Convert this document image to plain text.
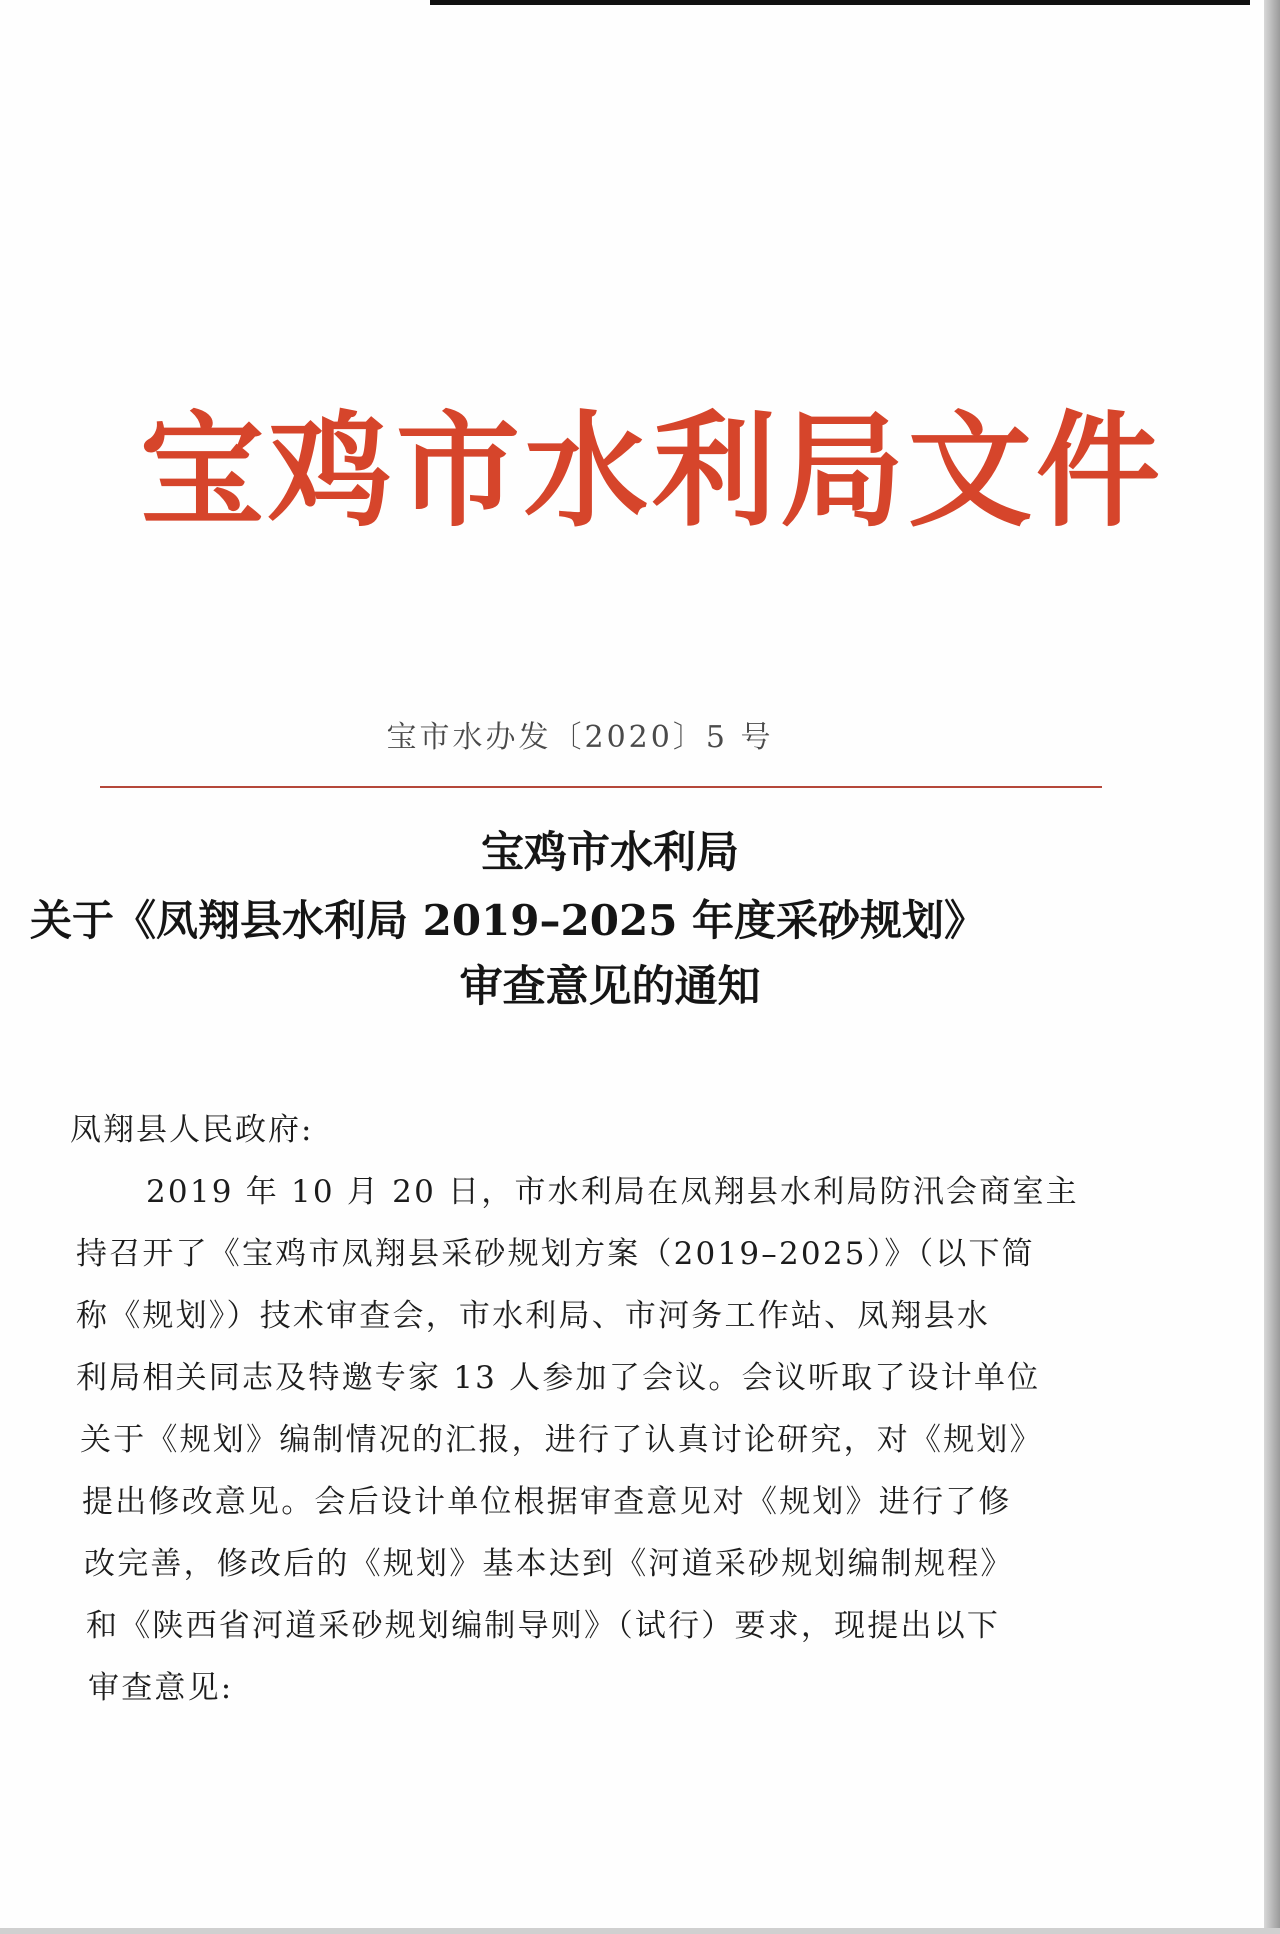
宝鸡市水利局文件
宝市水办发〔2020〕5 号
宝鸡市水利局
关于《凤翔县水利局 2019–2025 年度采砂规划》
审查意见的通知
凤翔县人民政府:
2019 年 10 月 20 日，市水利局在凤翔县水利局防汛会商室主
持召开了《宝鸡市凤翔县采砂规划方案（2019–2025）》（以下简
称《规划》）技术审查会，市水利局、市河务工作站、凤翔县水
利局相关同志及特邀专家 13 人参加了会议。会议听取了设计单位
关于《规划》编制情况的汇报，进行了认真讨论研究，对《规划》
提出修改意见。会后设计单位根据审查意见对《规划》进行了修
改完善，修改后的《规划》基本达到《河道采砂规划编制规程》
和《陕西省河道采砂规划编制导则》（试行）要求，现提出以下
审查意见:
